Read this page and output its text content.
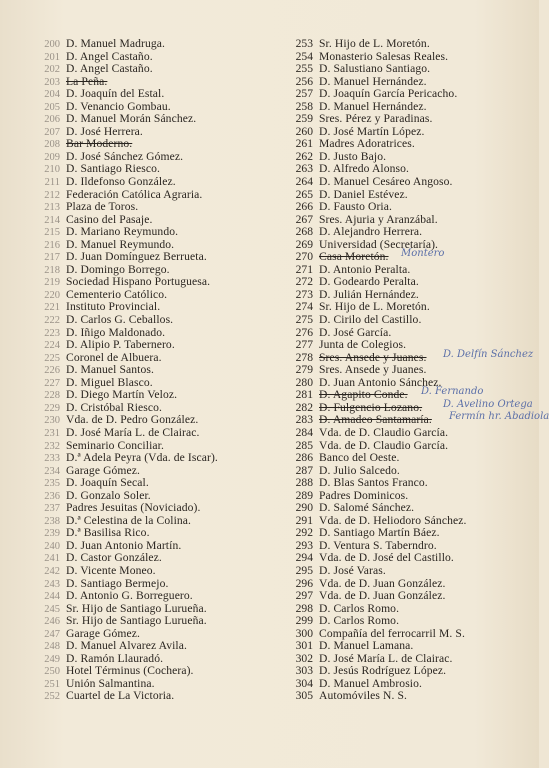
200 D. Manuel Madruga.
201 D. Angel Castaño.
202 D. Angel Castaño.
203 La Peña.
204 D. Joaquín del Estal.
205 D. Venancio Gombau.
206 D. Manuel Morán Sánchez.
207 D. José Herrera.
208 Bar Moderno.
209 D. José Sánchez Gómez.
210 D. Santiago Riesco.
211 D. Ildefonso González.
212 Federación Católica Agraria.
213 Plaza de Toros.
214 Casino del Pasaje.
215 D. Mariano Reymundo.
216 D. Manuel Reymundo.
217 D. Juan Domínguez Berrueta.
218 D. Domingo Borrego.
219 Sociedad Hispano Portuguesa.
220 Cementerio Católico.
221 Instituto Provincial.
222 D. Carlos G. Ceballos.
223 D. Iñigo Maldonado.
224 D. Alipio P. Tabernero.
225 Coronel de Albuera.
226 D. Manuel Santos.
227 D. Miguel Blasco.
228 D. Diego Martín Veloz.
229 D. Cristóbal Riesco.
230 Vda. de D. Pedro González.
231 D. José María L. de Clairac.
232 Seminario Conciliar.
233 D.ª Adela Peyra (Vda. de Iscar).
234 Garage Gómez.
235 D. Joaquín Secal.
236 D. Gonzalo Soler.
237 Padres Jesuitas (Noviciado).
238 D.ª Celestina de la Colina.
239 D.ª Basilisa Rico.
240 D. Juan Antonio Martín.
241 D. Castor González.
242 D. Vicente Moneo.
243 D. Santiago Bermejo.
244 D. Antonio G. Borreguero.
245 Sr. Hijo de Santiago Lurueña.
246 Sr. Hijo de Santiago Lurueña.
247 Garage Gómez.
248 D. Manuel Alvarez Avila.
249 D. Ramón Llauradó.
250 Hotel Términus (Cochera).
251 Unión Salmantina.
252 Cuartel de La Victoria.
253 Sr. Hijo de L. Moretón.
254 Monasterio Salesas Reales.
255 D. Salustiano Santiago.
256 D. Manuel Hernández.
257 D. Joaquín García Pericacho.
258 D. Manuel Hernández.
259 Sres. Pérez y Paradinas.
260 D. José Martín López.
261 Madres Adoratrices.
262 D. Justo Bajo.
263 D. Alfredo Alonso.
264 D. Manuel Cesáreo Angoso.
265 D. Daniel Estévez.
266 D. Fausto Oria.
267 Sres. Ajuria y Aranzábal.
268 D. Alejandro Herrera.
269 Universidad (Secretaría).
270 Casa Moretón. Montero
271 D. Antonio Peralta.
272 D. Godeardo Peralta.
273 D. Julián Hernández.
274 Sr. Hijo de L. Moretón.
275 D. Cirilo del Castillo.
276 D. José García.
277 Junta de Colegios.
278 Sres. Ansede y Juanes. D. Delfín Sánchez
279 Sres. Ansede y Juanes.
280 D. Juan Antonio Sánchez.
281 D. Agapito Conde. D. Fernando
282 D. Fulgencio Lozano. D. Avelino Ortega
283 D. Amadeo Santamaría. Fermín hr. Abadiola
284 Vda. de D. Claudio García.
285 Vda. de D. Claudio García.
286 Banco del Oeste.
287 D. Julio Salcedo.
288 D. Blas Santos Franco.
289 Padres Dominicos.
290 D. Salomé Sánchez.
291 Vda. de D. Heliodoro Sánchez.
292 D. Santiago Martín Báez.
293 D. Ventura S. Taberndro.
294 Vda. de D. José del Castillo.
295 D. José Varas.
296 Vda. de D. Juan González.
297 Vda. de D. Juan González.
298 D. Carlos Romo.
299 D. Carlos Romo.
300 Compañía del ferrocarril M. S.
301 D. Manuel Lamana.
302 D. José María L. de Clairac.
303 D. Jesús Rodríguez López.
304 D. Manuel Ambrosio.
305 Automóviles N. S.
